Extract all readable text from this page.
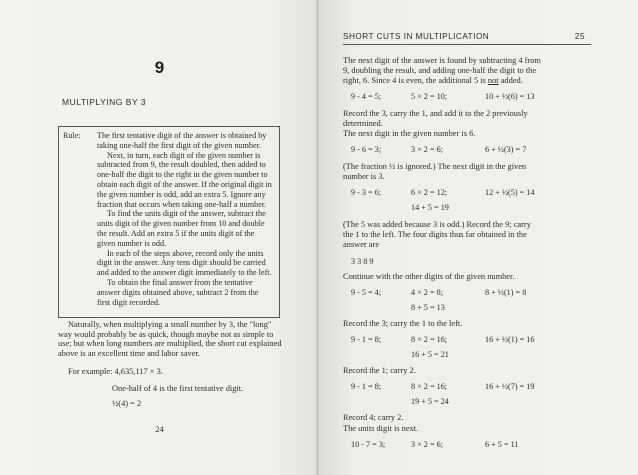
9
MULTIPLYING BY 3
Rule: The first tentative digit of the answer is obtained by taking one-half the first digit of the given number.

Next, in turn, each digit of the given number is subtracted from 9, the result doubled, then added to one-half the digit to the right in the given number to obtain each digit of the answer. If the original digit in the given number is odd, add an extra 5. Ignore any fraction that occurs when taking one-half a number.

To find the units digit of the answer, subtract the units digit of the given number from 10 and double the result. Add an extra 5 if the units digit of the given number is odd.

In each of the steps above, record only the units digit in the answer. Any tens digit should be carried and added to the answer digit immediately to the left.

To obtain the final answer from the tentative answer digits obtained above, subtract 2 from the first digit recorded.

Naturally, when multiplying a small number by 3, the "long" way would probably be as quick, though maybe not as simple to use; but when long numbers are multiplied, the short cut explained above is an excellent time and labor saver.

For example: 4,635,117 × 3.
One-half of 4 is the first tentative digit.
½(4) = 2
24
SHORT CUTS IN MULTIPLICATION	25
The next digit of the answer is found by subtracting 4 from
9, doubling the result, and adding one-half the digit to the
right, 6. Since 4 is even, the additional 5 is not added.
9 - 4 = 5;	5 × 2 = 10;	10 + ½(6) = 13
Record the 3, carry the 1, and add it to the 2 previously
determined.
The next digit in the given number is 6.
9 - 6 = 3;	3 × 2 = 6;	6 + ½(3) = 7
(The fraction ½ is ignored.) The next digit in the given
number is 3.
9 - 3 = 6;	6 × 2 = 12;	12 + ½(5) = 14
14 + 5 = 19
(The 5 was added because 3 is odd.) Record the 9; carry
the 1 to the left. The four digits thus far obtained in the
answer are
3 3 8 9
Continue with the other digits of the given number.
9 - 5 = 4;	4 × 2 = 8;	8 + ½(1) = 8
8 + 5 = 13
Record the 3; carry the 1 to the left.
9 - 1 = 8;	8 × 2 = 16;	16 + ½(1) = 16
16 + 5 = 21
Record the 1; carry 2.
9 - 1 = 8;	8 × 2 = 16;	16 + ½(7) = 19
19 + 5 = 24
Record 4; carry 2.
The units digit is next.
10 - 7 = 3;	3 × 2 = 6;	6 + 5 = 11
